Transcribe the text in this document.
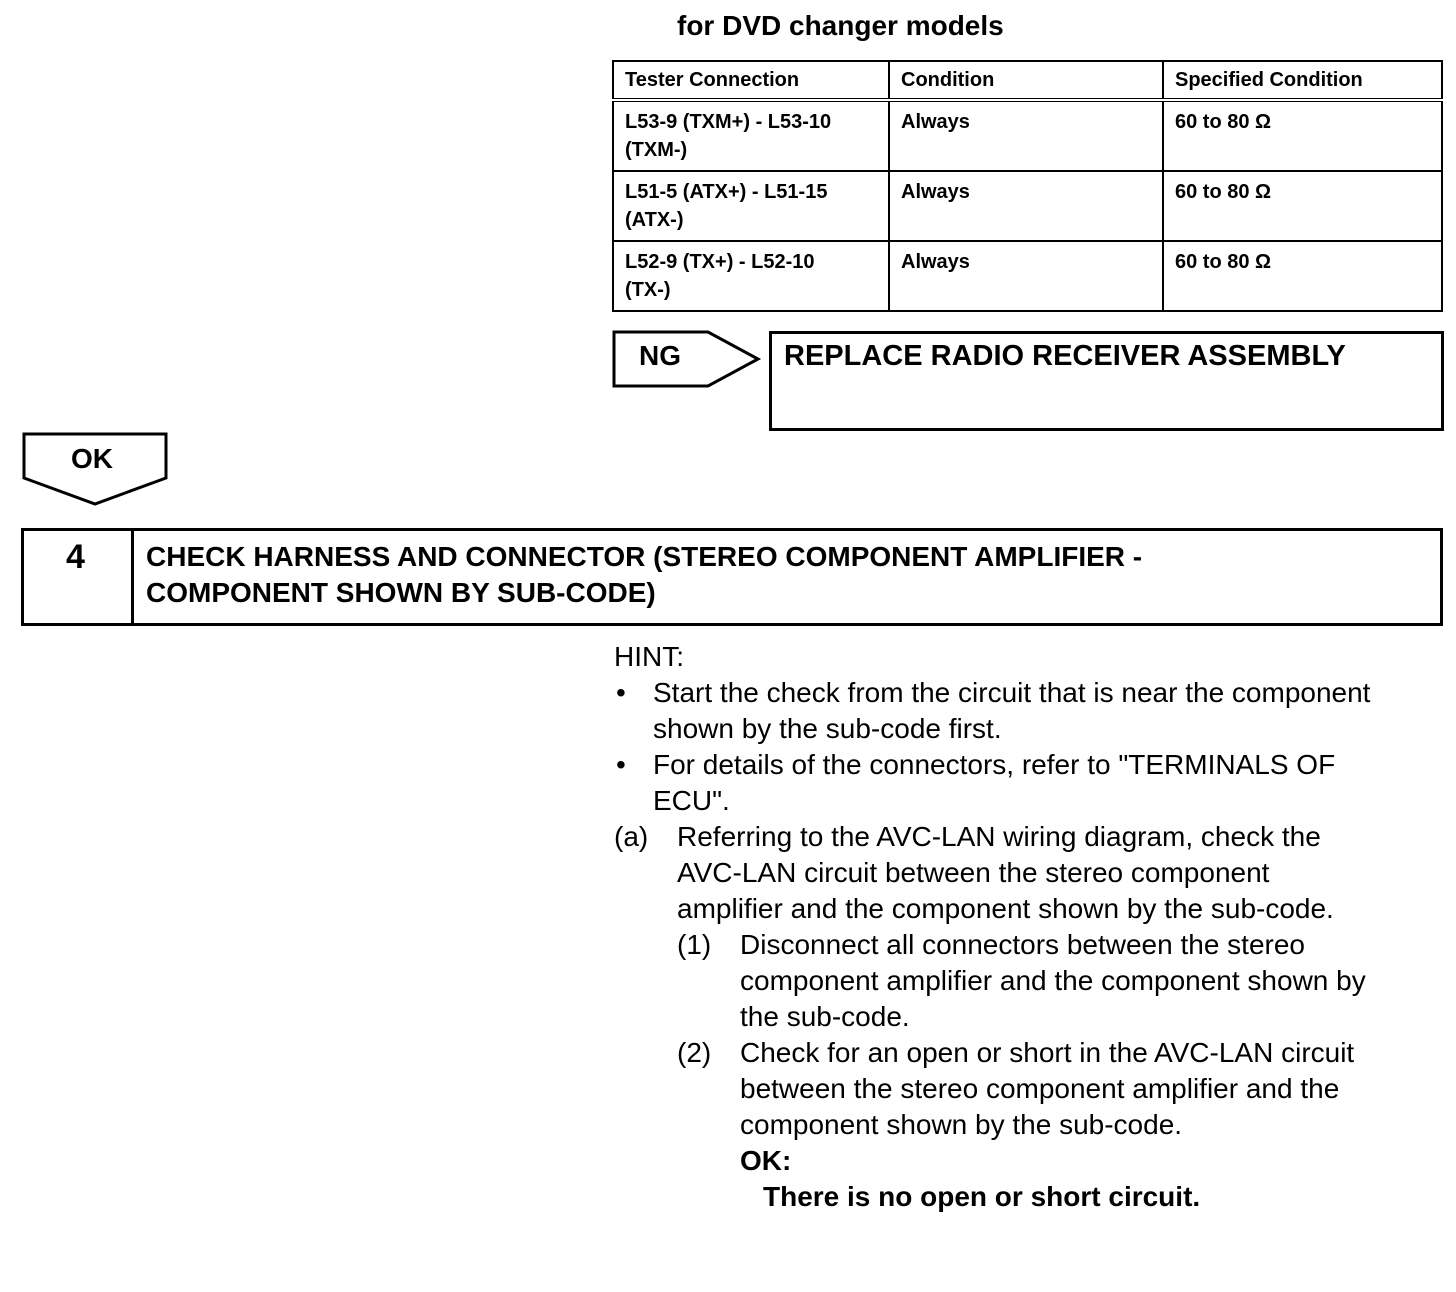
for DVD changer models
Tester Connection	Condition	Specified Condition
L53-9 (TXM+) - L53-10
(TXM-)	Always	60 to 80 Ω
L51-5 (ATX+) - L51-15
(ATX-)	Always	60 to 80 Ω
L52-9 (TX+) - L52-10
(TX-)	Always	60 to 80 Ω
NG	REPLACE RADIO RECEIVER ASSEMBLY
OK
4 CHECK HARNESS AND CONNECTOR (STEREO COMPONENT AMPLIFIER -
COMPONENT SHOWN BY SUB-CODE)
HINT:
• Start the check from the circuit that is near the component
shown by the sub-code first.
• For details of the connectors, refer to "TERMINALS OF
ECU".
(a) Referring to the AVC-LAN wiring diagram, check the
AVC-LAN circuit between the stereo component
amplifier and the component shown by the sub-code.
(1) Disconnect all connectors between the stereo
component amplifier and the component shown by
the sub-code.
(2) Check for an open or short in the AVC-LAN circuit
between the stereo component amplifier and the
component shown by the sub-code.
OK:
There is no open or short circuit.
